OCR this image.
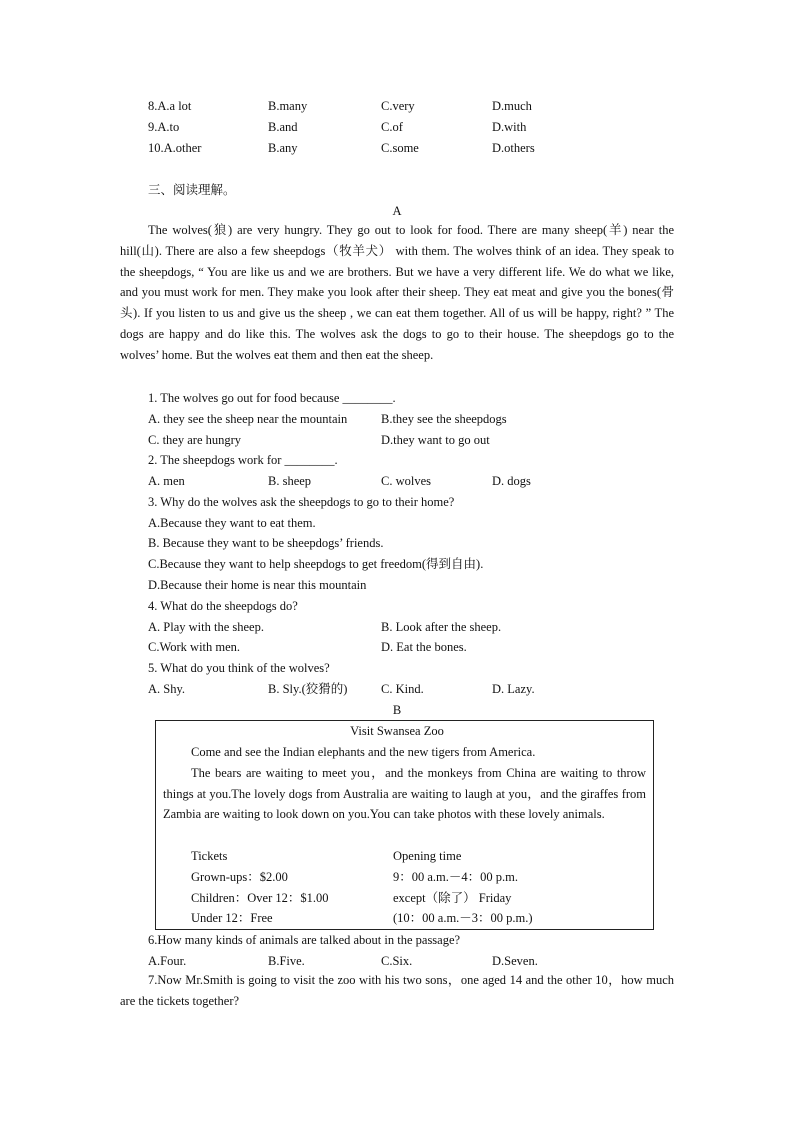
8.A.a lot	B.many	C.very	D.much
9.A.to	B.and	C.of	D.with
10.A.other	B.any	C.some	D.others
三、阅读理解。
A
The wolves(狼) are very hungry. They go out to look for food. There are many sheep(羊) near the hill(山). There are also a few sheepdogs（牧羊犬） with them. The wolves think of an idea. They speak to the sheepdogs, “ You are like us and we are brothers. But we have a very different life. We do what we like, and you must work for men. They make you look after their sheep. They eat meat and give you the bones(骨头). If you listen to us and give us the sheep , we can eat them together. All of us will be happy, right? ” The dogs are happy and do like this. The wolves ask the dogs to go to their house. The sheepdogs go to the wolves’ home. But the wolves eat them and then eat the sheep.
1. The wolves go out for food because ________.
A. they see the sheep near the mountain	B.they see the sheepdogs
C. they are hungry	D.they want to go out
2. The sheepdogs work for ________.
A. men	B. sheep	C. wolves	D. dogs
3. Why do the wolves ask the sheepdogs to go to their home?
A.Because they want to eat them.
B. Because they want to be sheepdogs’ friends.
C.Because they want to help sheepdogs to get freedom(得到自由).
D.Because their home is near this mountain
4. What do the sheepdogs do?
A. Play with the sheep.	B. Look after the sheep.
C.Work with men.	D. Eat the bones.
5. What do you think of the wolves?
A. Shy.	B. Sly.(狡猾的)	C. Kind.	D. Lazy.
B
Visit Swansea Zoo
Come and see the Indian elephants and the new tigers from America.
The bears are waiting to meet you，and the monkeys from China are waiting to throw things at you.The lovely dogs from Australia are waiting to laugh at you，and the giraffes from Zambia are waiting to look down on you.You can take photos with these lovely animals.
Tickets	Opening time
Grown-ups：$2.00	9：00 a.m.－4：00 p.m.
Children：Over 12：$1.00	except（除了） Friday
Under 12：Free	(10：00 a.m.－3：00 p.m.)
6.How many kinds of animals are talked about in the passage?
A.Four.	B.Five.	C.Six.	D.Seven.
7.Now Mr.Smith is going to visit the zoo with his two sons，one aged 14 and the other 10，how much are the tickets together?
